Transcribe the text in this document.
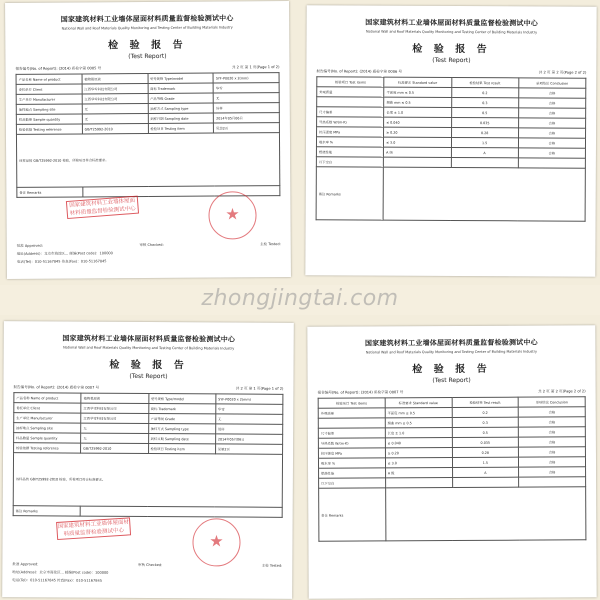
国家建筑材料工业墙体屋面材料质量监督检验测试中心
National Wall and Roof Materials Quality Monitoring and Testing Center of Building Materials Industry
检 验 报 告
(Test Report)
报告编号(No. of Report): (2014) 质检字第 0005 号	共 2 页 第 1 页(Page 1 of 2)
产品名称 Name of product	植物毯原液	型号规格 Type/model	SYF-P0020 x 2(mm)
委托单位 Client	江西华雪科技有限公司	商标 Trademark	华雪
生产单位 Manufacturer	江西华雪科技有限公司	产品等级 Grade	无
抽样地点 Sampling site	无	抽样方式 Sampling type	送样
样品数量 Sample quantity	无	到样日期 Sampling date	2014年05月06日
检验依据 Testing reference	GB/T25992-2010	检验项目 Testing item	见第2页
该样品按 GB/T25992-2010 检验，所检项目符合标准要求。			
备注 Remarks			
国家建筑材料工业墙体屋面材料质量监督检验测试中心	★
批准 Approved:	审核 Checked:	主检 Tested:
地址(Address)：北京市海淀区... 邮编(Post code)：100000
电话(Tel)：010-51167845 传真(Fax)：010-51167845
国家建筑材料工业墙体屋面材料质量监督检验测试中心
National Wall and Roof Materials Quality Monitoring and Testing Center of Building Materials Industry
检 验 报 告
(Test Report)
报告编号(No. of Report): (2014) 质检字第 0006 号	共 2 页 第 2 页(Page 2 of 2)
检验项目 Test items	标准要求 Standard value	检验结果 Test result	单项结论 Conclusion
外观质量	平面度 mm ≤ 0.5	0.2	合格
	翘曲 mm ≤ 0.5	0.3	合格
尺寸偏差	长度 ± 1.0	0.5	合格
导热系数 W/(m·K)	≤ 0.040	0.035	合格
抗压强度 MPa	≥ 0.20	0.28	合格
吸水率 %	≤ 3.0	1.5	合格
燃烧性能	A 级	A	合格
以下空白			
备注 Remarks			
国家建筑材料工业墙体屋面材料质量监督检验测试中心
National Wall and Roof Materials Quality Monitoring and Testing Center of Building Materials Industry
检 验 报 告
(Test Report)
报告编号(No. of Report): (2014) 质检字第 0007 号	共 2 页 第 1 页(Page 1 of 2)
产品名称 Name of product	植物毯原液	型号规格 Type/model	SYF-P0020 x 2(mm)
委托单位 Client	江西华雪科技有限公司	商标 Trademark	华雪
生产单位 Manufacturer	江西华雪科技有限公司	产品等级 Grade	无
抽样地点 Sampling site	无	抽样方式 Sampling type	送样
样品数量 Sample quantity	无	到样日期 Sampling date	2014年05月06日
检验依据 Testing reference	GB/T25992-2010	检验项目 Testing item	见第2页
该样品按 GB/T25992-2010 检验，所检项目符合标准要求。			
备注 Remarks			
国家建筑材料工业墙体屋面材料质量监督检验测试中心	★
批准 Approved:	审核 Checked:	主检 Tested:
地址(Address)：北京市海淀区... 邮编(Post code)：100000
电话(Tel)：010-51167845 传真(Fax)：010-51167845
国家建筑材料工业墙体屋面材料质量监督检验测试中心
National Wall and Roof Materials Quality Monitoring and Testing Center of Building Materials Industry
检 验 报 告
(Test Report)
报告编号(No. of Report): (2014) 质检字第 0007 号	共 2 页 第 2 页(Page 2 of 2)
检验项目 Test items	标准要求 Standard value	检验结果 Test result	单项结论 Conclusion
外观质量	平面度 mm ≤ 0.5	0.2	合格
	翘曲 mm ≤ 0.5	0.3	合格
尺寸偏差	长度 ± 1.0	0.5	合格
导热系数 W/(m·K)	≤ 0.040	0.035	合格
抗压强度 MPa	≥ 0.20	0.28	合格
吸水率 %	≤ 3.0	1.5	合格
燃烧性能	A 级	A	合格
以下空白			
备注 Remarks			
zhongjingtai.com
